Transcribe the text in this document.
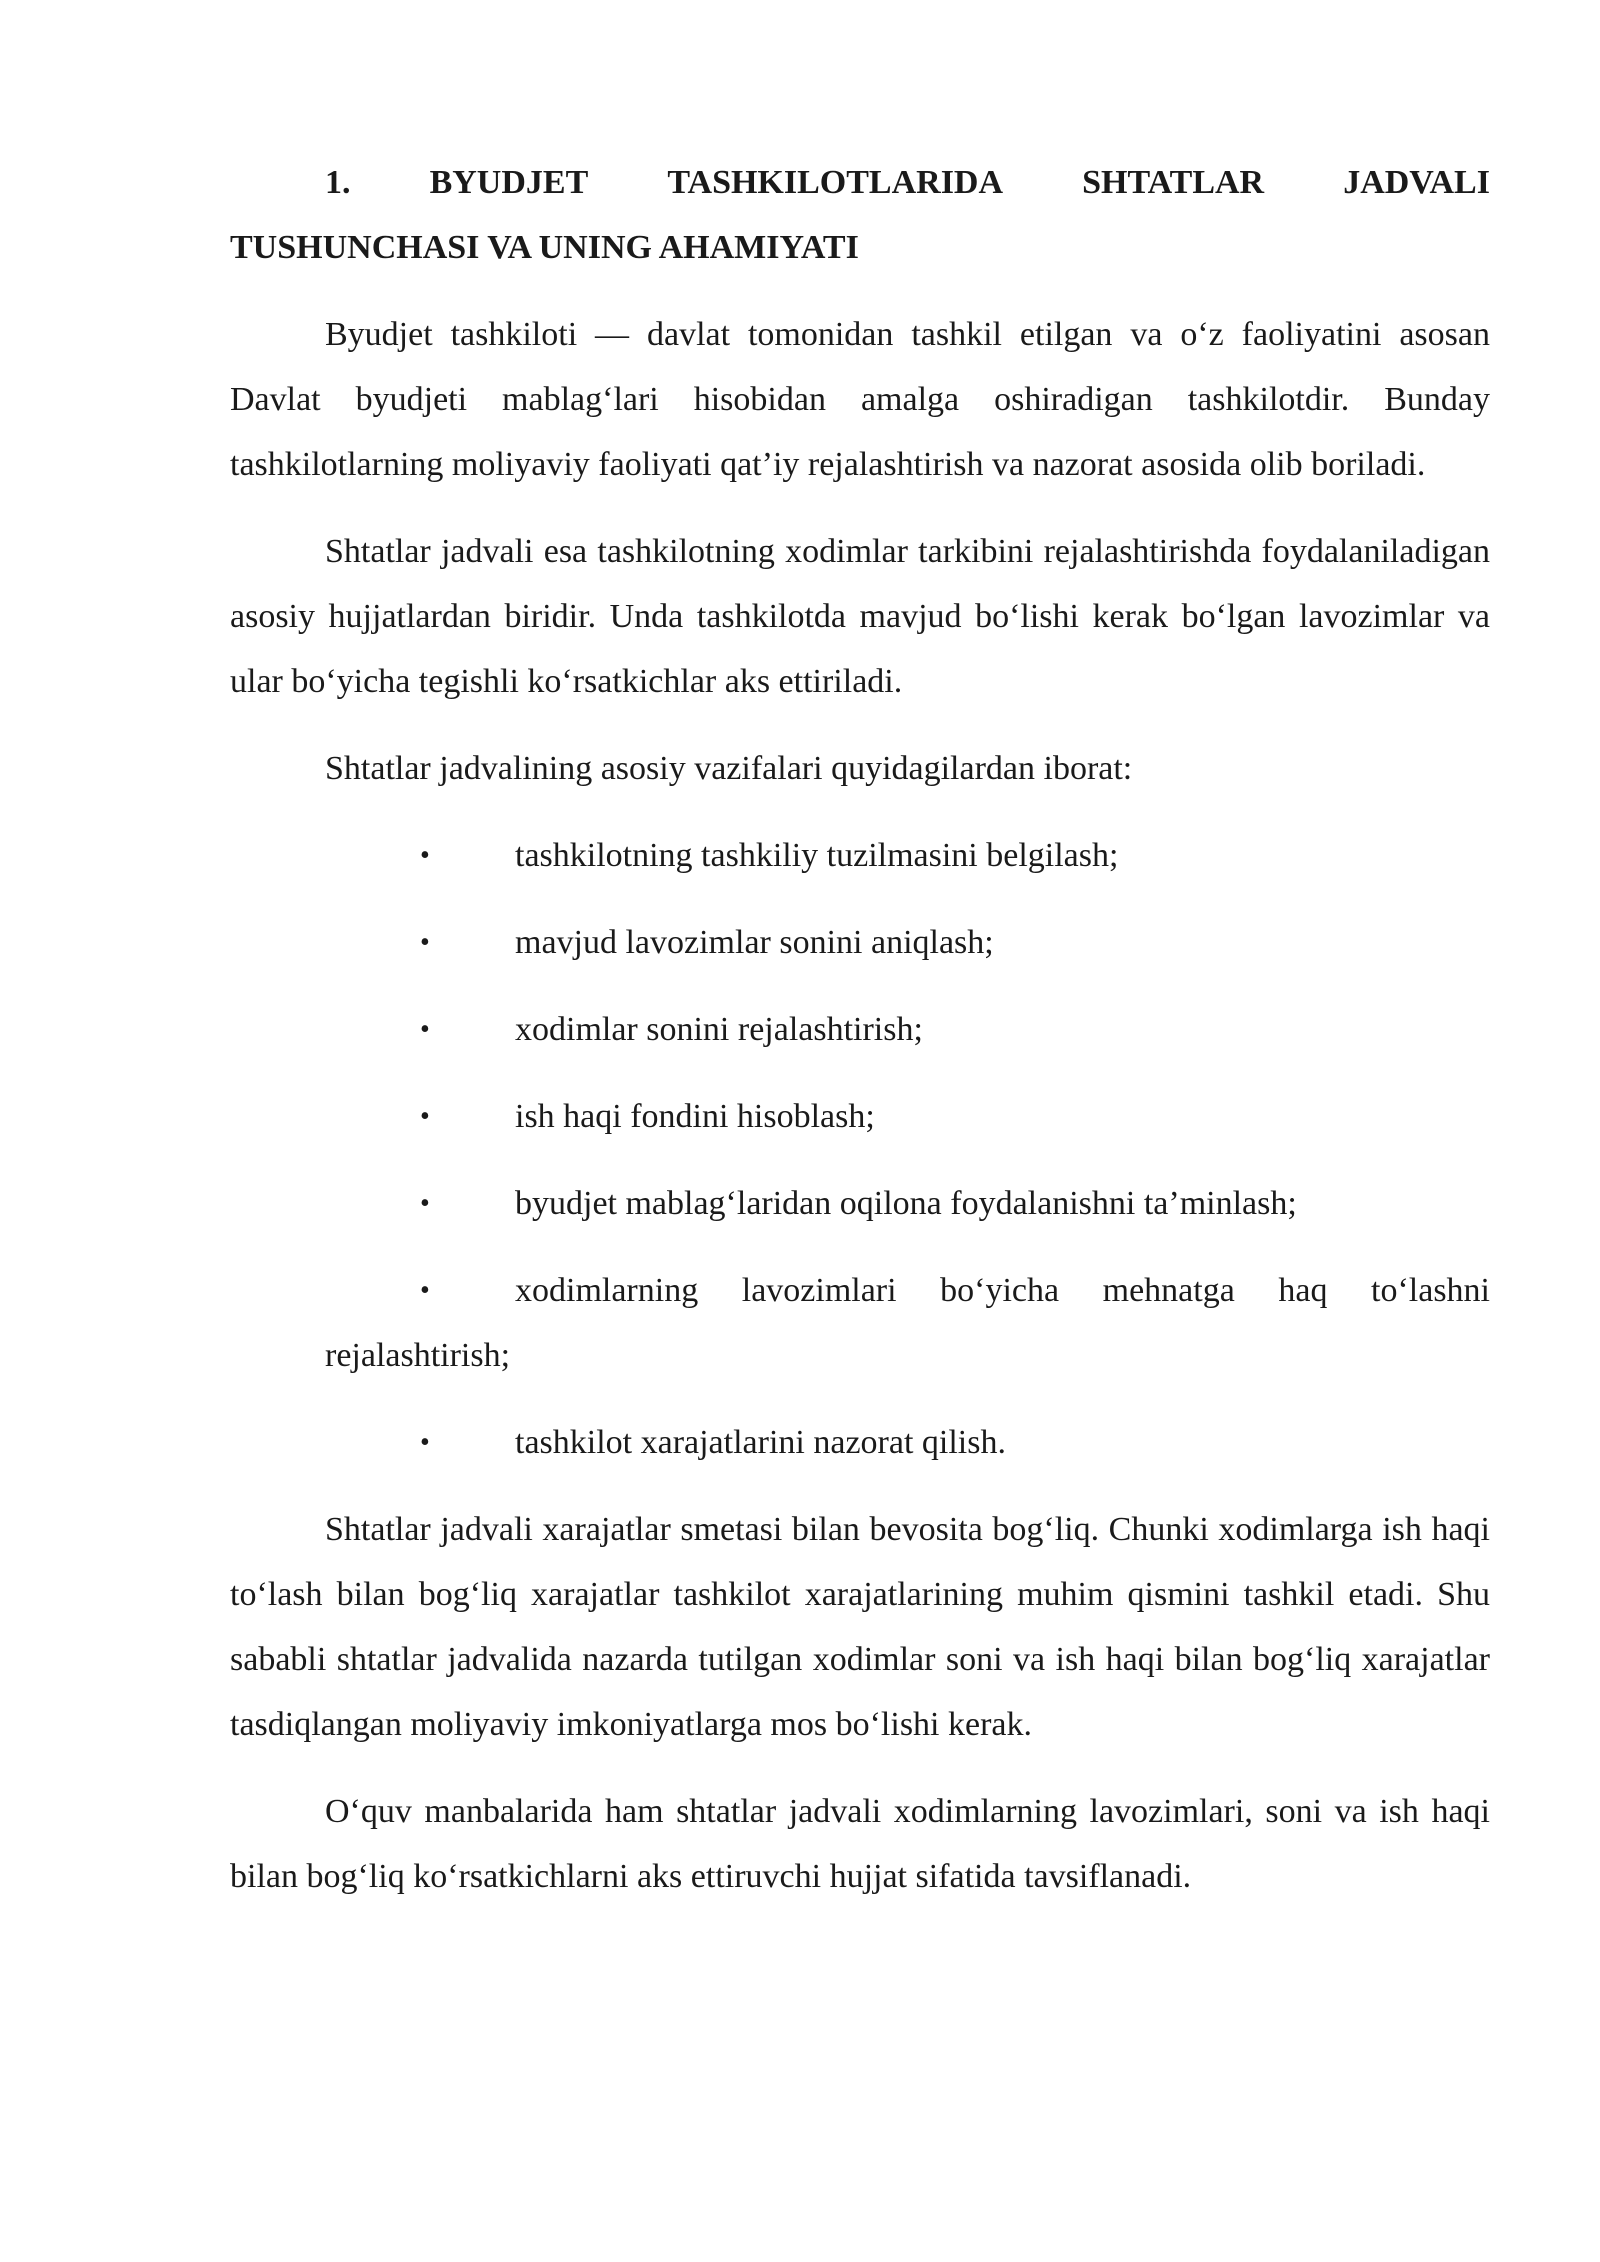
1. BYUDJET TASHKILOTLARIDA SHTATLAR JADVALI
TUSHUNCHASI VA UNING AHAMIYATI

Byudjet tashkiloti — davlat tomonidan tashkil etilgan va o‘z faoliyatini asosan Davlat byudjeti mablag‘lari hisobidan amalga oshiradigan tashkilotdir. Bunday tashkilotlarning moliyaviy faoliyati qat’iy rejalashtirish va nazorat asosida olib boriladi.

Shtatlar jadvali esa tashkilotning xodimlar tarkibini rejalashtirishda foydalaniladigan asosiy hujjatlardan biridir. Unda tashkilotda mavjud bo‘lishi kerak bo‘lgan lavozimlar va ular bo‘yicha tegishli ko‘rsatkichlar aks ettiriladi.

Shtatlar jadvalining asosiy vazifalari quyidagilardan iborat:

•	tashkilotning tashkiliy tuzilmasini belgilash;
•	mavjud lavozimlar sonini aniqlash;
•	xodimlar sonini rejalashtirish;
•	ish haqi fondini hisoblash;
•	byudjet mablag‘laridan oqilona foydalanishni ta’minlash;
•	xodimlarning lavozimlari bo‘yicha mehnatga haq to‘lashni rejalashtirish;
•	tashkilot xarajatlarini nazorat qilish.

Shtatlar jadvali xarajatlar smetasi bilan bevosita bog‘liq. Chunki xodimlarga ish haqi to‘lash bilan bog‘liq xarajatlar tashkilot xarajatlarining muhim qismini tashkil etadi. Shu sababli shtatlar jadvalida nazarda tutilgan xodimlar soni va ish haqi bilan bog‘liq xarajatlar tasdiqlangan moliyaviy imkoniyatlarga mos bo‘lishi kerak.

O‘quv manbalarida ham shtatlar jadvali xodimlarning lavozimlari, soni va ish haqi bilan bog‘liq ko‘rsatkichlarni aks ettiruvchi hujjat sifatida tavsiflanadi.
